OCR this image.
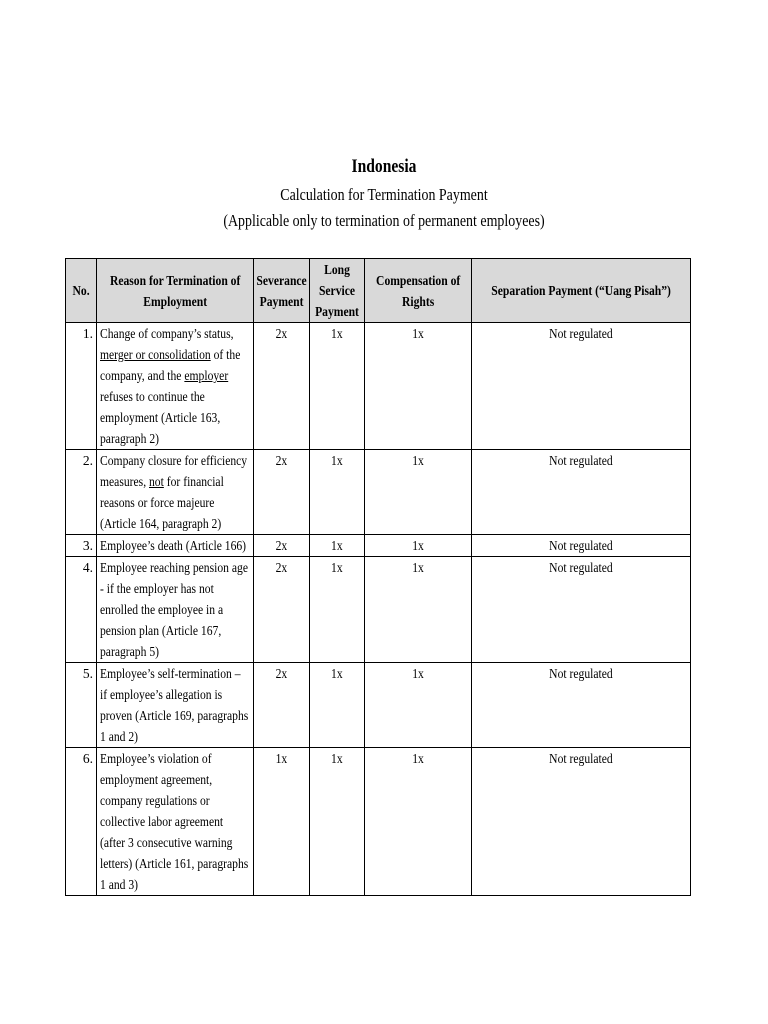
Indonesia
Calculation for Termination Payment
(Applicable only to termination of permanent employees)
No.	Reason for Termination of Employment	Severance Payment	Long Service Payment	Compensation of Rights	Separation Payment (“Uang Pisah”)
1.	Change of company’s status, merger or consolidation of the company, and the employer refuses to continue the employment (Article 163, paragraph 2)	2x	1x	1x	Not regulated
2.	Company closure for efficiency measures, not for financial reasons or force majeure (Article 164, paragraph 2)	2x	1x	1x	Not regulated
3.	Employee’s death (Article 166)	2x	1x	1x	Not regulated
4.	Employee reaching pension age - if the employer has not enrolled the employee in a pension plan (Article 167, paragraph 5)	2x	1x	1x	Not regulated
5.	Employee’s self-termination – if employee’s allegation is proven (Article 169, paragraphs 1 and 2)	2x	1x	1x	Not regulated
6.	Employee’s violation of employment agreement, company regulations or collective labor agreement (after 3 consecutive warning letters) (Article 161, paragraphs 1 and 3)	1x	1x	1x	Not regulated
